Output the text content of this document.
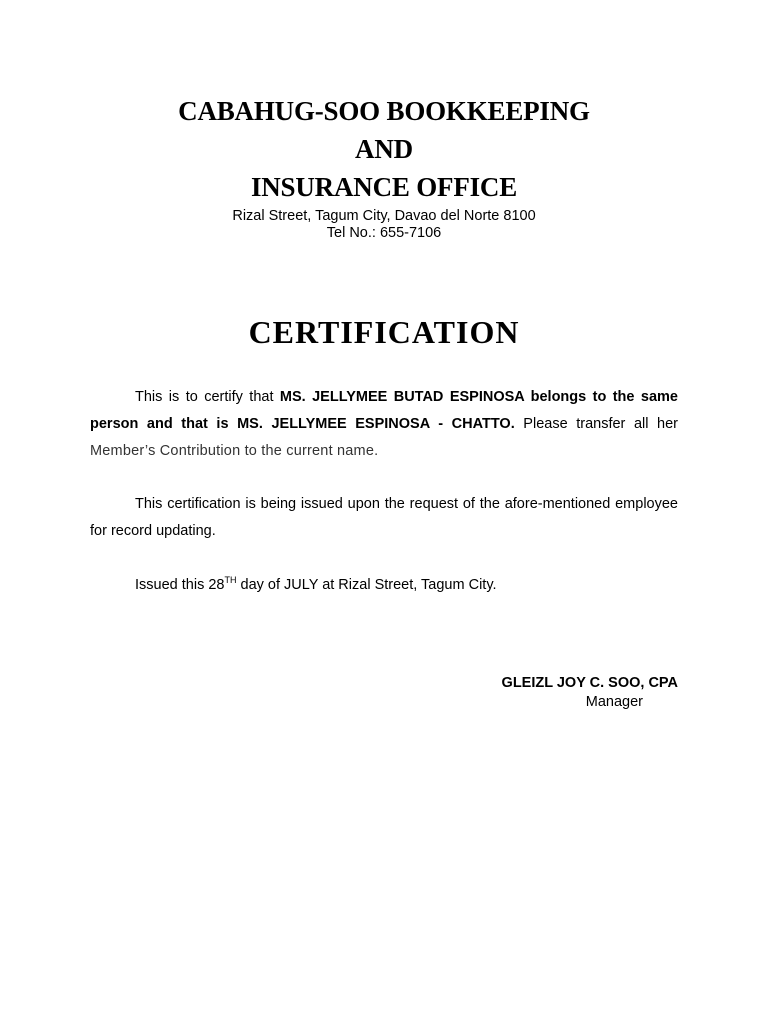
CABAHUG-SOO BOOKKEEPING
AND
INSURANCE OFFICE
Rizal Street, Tagum City, Davao del Norte 8100
Tel No.: 655-7106
CERTIFICATION
This is to certify that MS. JELLYMEE BUTAD ESPINOSA belongs to the same person and that is MS. JELLYMEE ESPINOSA - CHATTO. Please transfer all her Member’s Contribution to the current name.
This certification is being issued upon the request of the afore-mentioned employee for record updating.
Issued this 28TH day of JULY at Rizal Street, Tagum City.
GLEIZL JOY C. SOO, CPA
Manager
